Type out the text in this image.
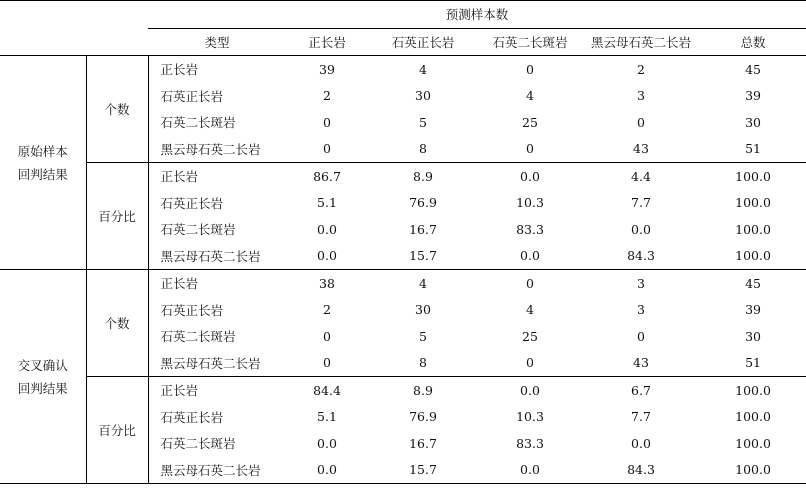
		预测样本数					
		类型	正长岩	石英正长岩	石英二长斑岩	黑云母石英二长岩	总数

原始样本
回判结果	个数	正长岩	39	4	0	2	45
		石英正长岩	2	30	4	3	39
		石英二长斑岩	0	5	25	0	30
		黑云母石英二长岩	0	8	0	43	51
	百分比	正长岩	86.7	8.9	0.0	4.4	100.0
		石英正长岩	5.1	76.9	10.3	7.7	100.0
		石英二长斑岩	0.0	16.7	83.3	0.0	100.0
		黑云母石英二长岩	0.0	15.7	0.0	84.3	100.0

交叉确认
回判结果	个数	正长岩	38	4	0	3	45
		石英正长岩	2	30	4	3	39
		石英二长斑岩	0	5	25	0	30
		黑云母石英二长岩	0	8	0	43	51
	百分比	正长岩	84.4	8.9	0.0	6.7	100.0
		石英正长岩	5.1	76.9	10.3	7.7	100.0
		石英二长斑岩	0.0	16.7	83.3	0.0	100.0
		黑云母石英二长岩	0.0	15.7	0.0	84.3	100.0
